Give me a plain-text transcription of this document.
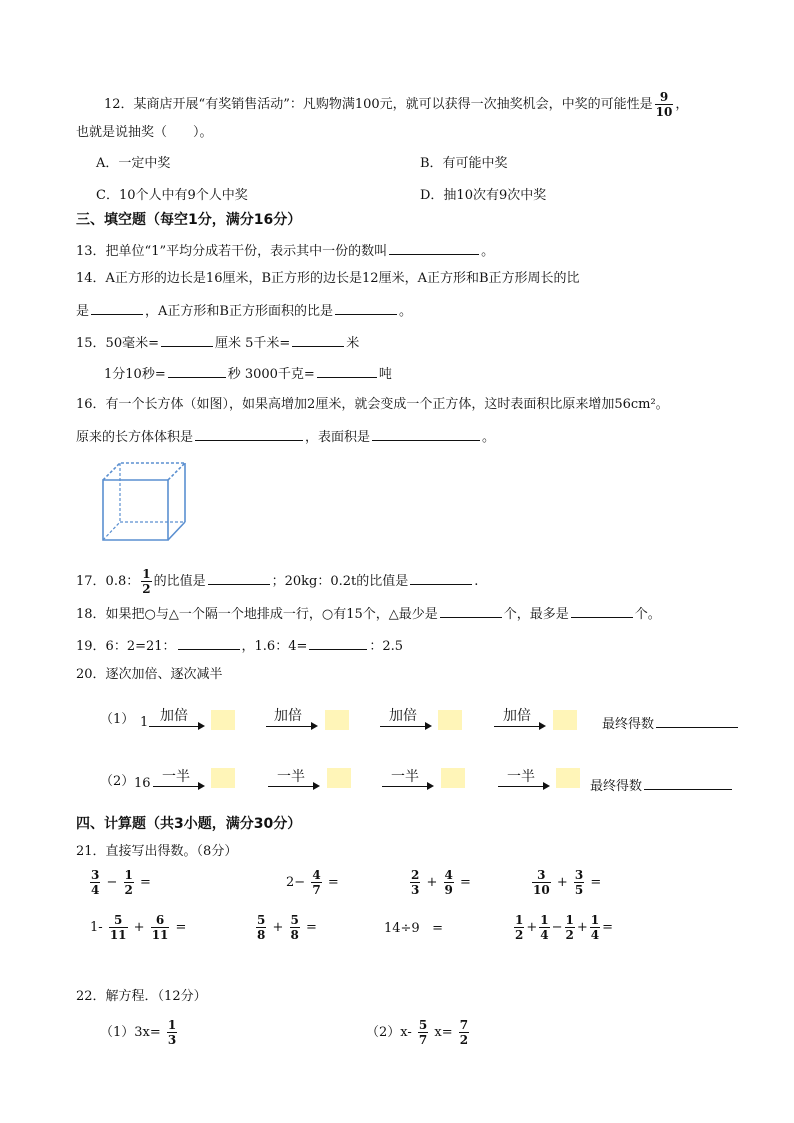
12．某商店开展“有奖销售活动”：凡购物满100元，就可以获得一次抽奖机会，中奖的可能性是 $\frac{9}{10}$ ，
也就是说抽奖（　　）。
A．一定中奖	B．有可能中奖
C．10个人中有9个人中奖	D．抽10次有9次中奖
三、填空题（每空1分，满分16分）
13．把单位“1”平均分成若干份，表示其中一份的数叫	。
14．A正方形的边长是16厘米，B正方形的边长是12厘米，A正方形和B正方形周长的比
是	，A正方形和B正方形面积的比是	。
15．50毫米=	厘米 5千米=	米
1分10秒=	秒 3000千克=	吨
16．有一个长方体（如图），如果高增加2厘米，就会变成一个正方体，这时表面积比原来增加56cm²。
原来的长方体体积是	，表面积是	。
17．0.8： $\frac{1}{2}$ 的比值是	；20kg：0.2t的比值是	.
18．如果把○与△一个隔一个地排成一行，○有15个，△最少是	个，最多是	个。
19．6：2=21：	，1.6：4=	：2.5
20．逐次加倍、逐次减半
（1） 1 加倍	加倍	加倍	加倍
最终得数
（2） 16 一半	一半	一半	一半
最终得数
四、计算题（共3小题，满分30分）
21．直接写出得数。（8分）
$\frac{3}{4} - \frac{1}{2}$ =	$2- \frac{4}{7}$ =	$\frac{2}{3} + \frac{4}{9}$ =	$\frac{3}{10} + \frac{3}{5}$ =
$1- \frac{5}{11} + \frac{6}{11}$ =	$\frac{5}{8} + \frac{5}{8}$ =	14÷9 =	$\frac{1}{2} + \frac{1}{4} - \frac{1}{2} + \frac{1}{4}$ =
22．解方程．（12分）
$(1)3x= \frac{1}{3}$	$(2)x- \frac{5}{7} x= \frac{7}{2}$
